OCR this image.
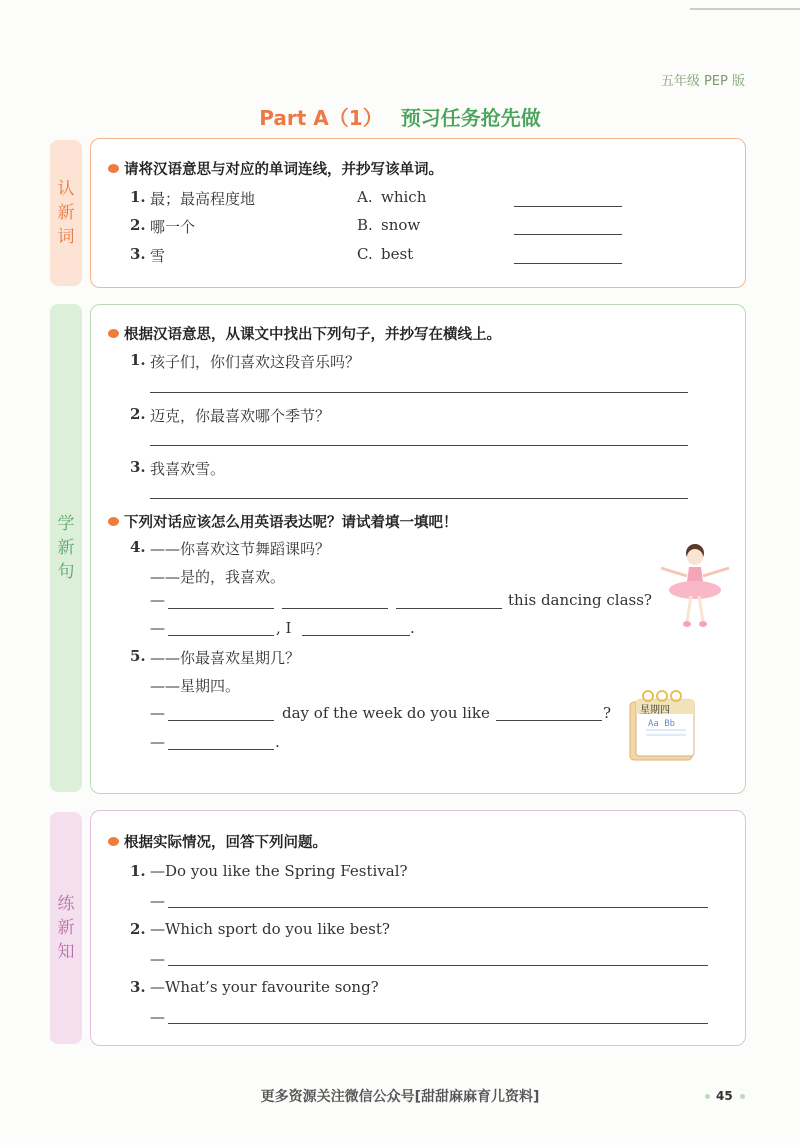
五年级 PEP 版
Part A（1） 预习任务抢先做
认
新
词
学
新
句
练
新
知
请将汉语意思与对应的单词连线，并抄写该单词。
1. 最；最高程度地	A. which
2. 哪一个	B. snow
3. 雪	C. best
根据汉语意思，从课文中找出下列句子，并抄写在横线上。
1. 孩子们，你们喜欢这段音乐吗？
2. 迈克，你最喜欢哪个季节？
3. 我喜欢雪。
下列对话应该怎么用英语表达呢？请试着填一填吧！
4. ——你喜欢这节舞蹈课吗？
——是的，我喜欢。
—	this dancing class?
—	, I	.
5. ——你最喜欢星期几？
——星期四。
—	day of the week do you like	?
—	.
星期四
Aa Bb
根据实际情况，回答下列问题。
1. —Do you like the Spring Festival?
—
2. —Which sport do you like best?
—
3. —What’s your favourite song?
—
更多资源关注微信公众号[甜甜麻麻育儿资料]	45
